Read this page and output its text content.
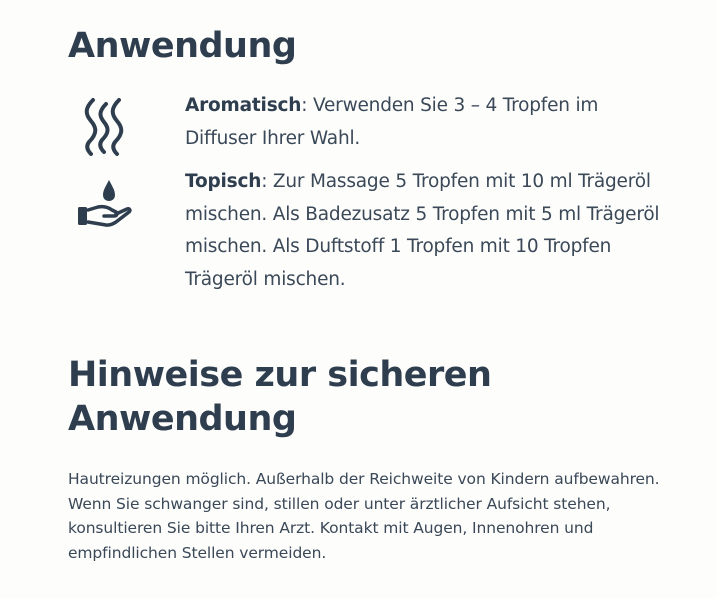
Anwendung

Aromatisch: Verwenden Sie 3 – 4 Tropfen im Diffuser Ihrer Wahl.

Topisch: Zur Massage 5 Tropfen mit 10 ml Trägeröl mischen. Als Badezusatz 5 Tropfen mit 5 ml Trägeröl mischen. Als Duftstoff 1 Tropfen mit 10 Tropfen Trägeröl mischen.

Hinweise zur sicheren Anwendung

Hautreizungen möglich. Außerhalb der Reichweite von Kindern aufbewahren. Wenn Sie schwanger sind, stillen oder unter ärztlicher Aufsicht stehen, konsultieren Sie bitte Ihren Arzt. Kontakt mit Augen, Innenohren und empfindlichen Stellen vermeiden.
